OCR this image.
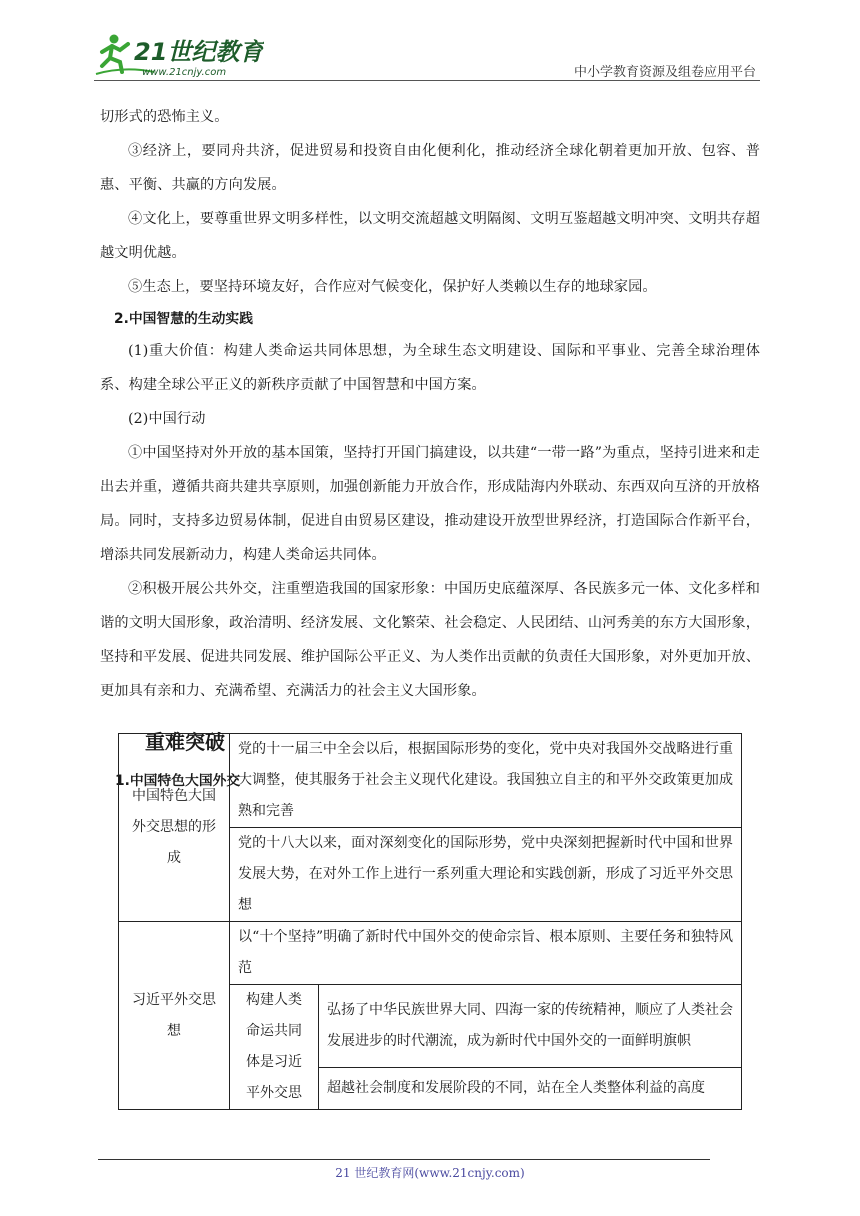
21世纪教育
www.21cnjy.com	中小学教育资源及组卷应用平台

切形式的恐怖主义。

③经济上，要同舟共济，促进贸易和投资自由化便利化，推动经济全球化朝着更加开放、包容、普惠、平衡、共赢的方向发展。

④文化上，要尊重世界文明多样性，以文明交流超越文明隔阂、文明互鉴超越文明冲突、文明共存超越文明优越。

⑤生态上，要坚持环境友好，合作应对气候变化，保护好人类赖以生存的地球家园。

2.中国智慧的生动实践

(1)重大价值：构建人类命运共同体思想，为全球生态文明建设、国际和平事业、完善全球治理体系、构建全球公平正义的新秩序贡献了中国智慧和中国方案。

(2)中国行动

①中国坚持对外开放的基本国策，坚持打开国门搞建设，以共建“一带一路”为重点，坚持引进来和走出去并重，遵循共商共建共享原则，加强创新能力开放合作，形成陆海内外联动、东西双向互济的开放格局。同时，支持多边贸易体制，促进自由贸易区建设，推动建设开放型世界经济，打造国际合作新平台，增添共同发展新动力，构建人类命运共同体。

②积极开展公共外交，注重塑造我国的国家形象：中国历史底蕴深厚、各民族多元一体、文化多样和谐的文明大国形象，政治清明、经济发展、文化繁荣、社会稳定、人民团结、山河秀美的东方大国形象，坚持和平发展、促进共同发展、维护国际公平正义、为人类作出贡献的负责任大国形象，对外更加开放、更加具有亲和力、充满希望、充满活力的社会主义大国形象。

重难突破

1.中国特色大国外交

中国特色大国外交思想的形成	党的十一届三中全会以后，根据国际形势的变化，党中央对我国外交战略进行重大调整，使其服务于社会主义现代化建设。我国独立自主的和平外交政策更加成熟和完善	
	党的十八大以来，面对深刻变化的国际形势，党中央深刻把握新时代中国和世界发展大势，在对外工作上进行一系列重大理论和实践创新，形成了习近平外交思想	
习近平外交思想	以“十个坚持”明确了新时代中国外交的使命宗旨、根本原则、主要任务和独特风范	
	构建人类命运共同体是习近平外交思	弘扬了中华民族世界大同、四海一家的传统精神，顺应了人类社会发展进步的时代潮流，成为新时代中国外交的一面鲜明旗帜
		超越社会制度和发展阶段的不同，站在全人类整体利益的高度
21 世纪教育网(www.21cnjy.com)
